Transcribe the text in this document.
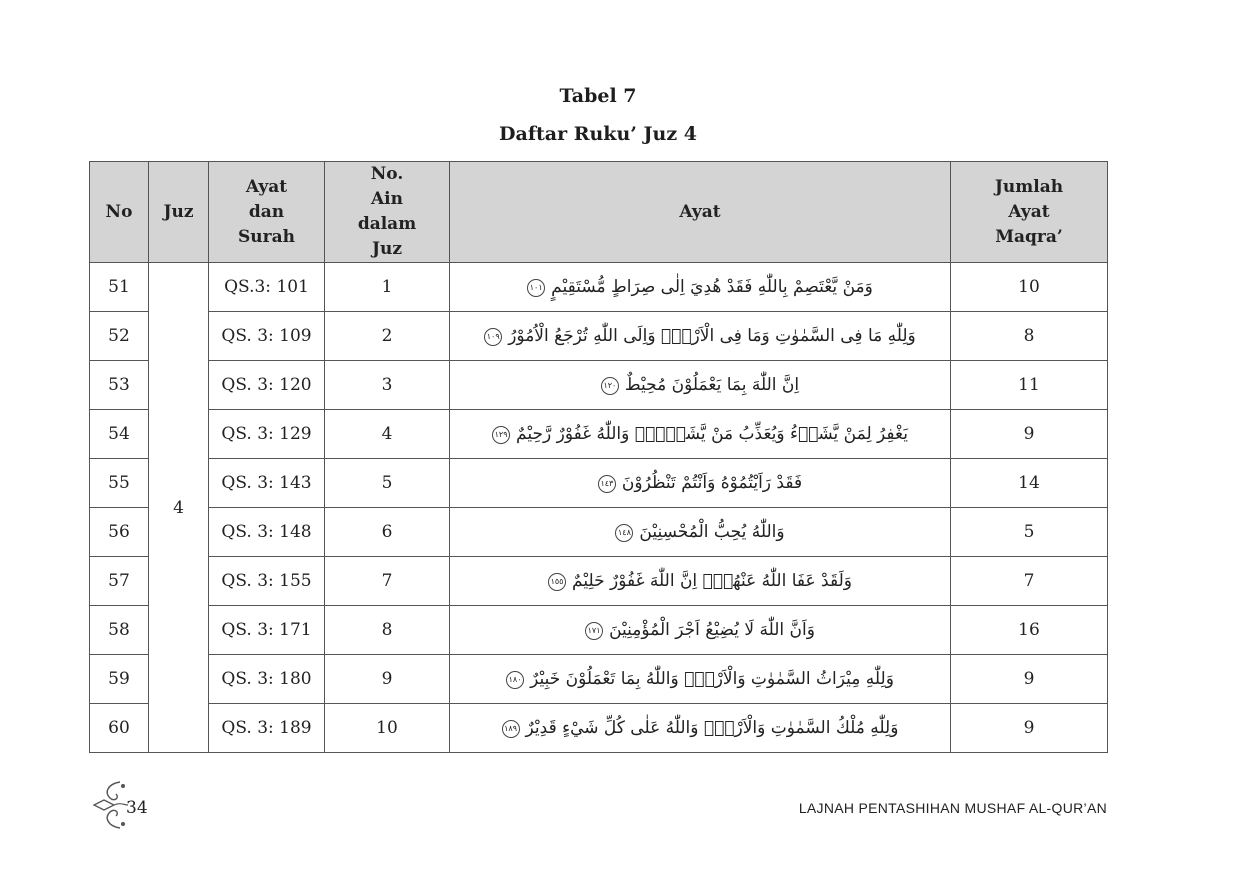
Tabel 7
Daftar Ruku’ Juz 4
No	Juz	Ayat dan Surah	No. Ain dalam Juz	Ayat	Jumlah Ayat Maqra’
51	4	QS.3: 101	1	وَمَنْ يَّعْتَصِمْ بِاللّٰهِ فَقَدْ هُدِيَ اِلٰى صِرَاطٍ مُّسْتَقِيْمٍ١٠١	10
52		QS. 3: 109	2	وَلِلّٰهِ مَا فِى السَّمٰوٰتِ وَمَا فِى الْاَرْضِۗ وَاِلَى اللّٰهِ تُرْجَعُ الْاُمُوْرُ١٠٩	8
53		QS. 3: 120	3	اِنَّ اللّٰهَ بِمَا يَعْمَلُوْنَ مُحِيْطٌ١٢٠	11
54		QS. 3: 129	4	يَغْفِرُ لِمَنْ يَّشَاۤءُ وَيُعَذِّبُ مَنْ يَّشَاۤءُۗ وَاللّٰهُ غَفُوْرٌ رَّحِيْمٌ١٢٩	9
55		QS. 3: 143	5	فَقَدْ رَاَيْتُمُوْهُ وَاَنْتُمْ تَنْظُرُوْنَ١٤٣	14
56		QS. 3: 148	6	وَاللّٰهُ يُحِبُّ الْمُحْسِنِيْنَ١٤٨	5
57		QS. 3: 155	7	وَلَقَدْ عَفَا اللّٰهُ عَنْهُمْۗ اِنَّ اللّٰهَ غَفُوْرٌ حَلِيْمٌ١٥٥	7
58		QS. 3: 171	8	وَاَنَّ اللّٰهَ لَا يُضِيْعُ اَجْرَ الْمُؤْمِنِيْنَ١٧١	16
59		QS. 3: 180	9	وَلِلّٰهِ مِيْرَاثُ السَّمٰوٰتِ وَالْاَرْضِۗ وَاللّٰهُ بِمَا تَعْمَلُوْنَ خَبِيْرٌ١٨٠	9
60		QS. 3: 189	10	وَلِلّٰهِ مُلْكُ السَّمٰوٰتِ وَالْاَرْضِۗ وَاللّٰهُ عَلٰى كُلِّ شَيْءٍ قَدِيْرٌ١٨٩	9
34	LAJNAH PENTASHIHAN MUSHAF AL-QUR’AN
